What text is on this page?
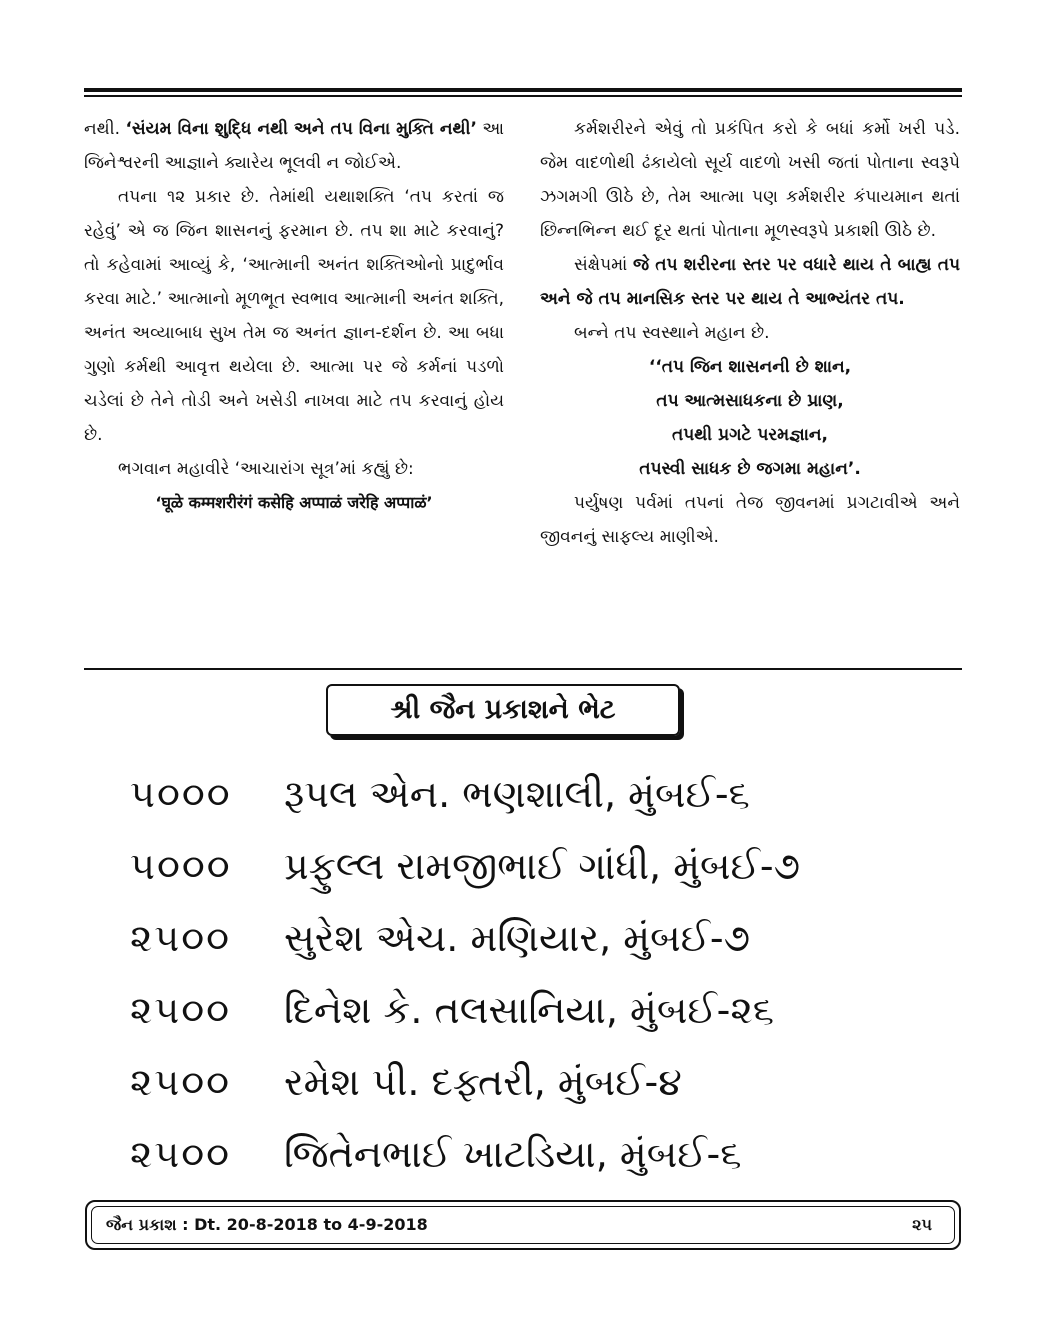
નથી. ‘સંયમ વિના શુદ્ધિ નથી અને તપ વિના મુક્તિ નથી’ આ જિનેશ્વરની આજ્ઞાને ક્યારેય ભૂલવી ન જોઈએ.

તપના ૧૨ પ્રકાર છે. તેમાંથી યથાશક્તિ ‘તપ કરતાં જ રહેવું’ એ જ જિન શાસનનું ફરમાન છે. તપ શા માટે કરવાનું? તો કહેવામાં આવ્યું કે, ‘આત્માની અનંત શક્તિઓનો પ્રાદુર્ભાવ કરવા માટે.’ આત્માનો મૂળભૂત સ્વભાવ આત્માની અનંત શક્તિ, અનંત અવ્યાબાધ સુખ તેમ જ અનંત જ્ઞાન-દર્શન છે. આ બધા ગુણો કર્મથી આવૃત્ત થયેલા છે. આત્મા પર જે કર્મનાં પડળો ચડેલાં છે તેને તોડી અને ખસેડી નાખવા માટે તપ કરવાનું હોય છે.

ભગવાન મહાવીરે ‘આચારાંગ સૂત્ર’માં કહ્યું છે:

‘घूळे कम्मशरीरंगं कसेहि अप्पाळं जरेहि अप्पाळं’

કર્મશરીરને એવું તો પ્રકંપિત કરો કે બધાં કર્મો ખરી પડે. જેમ વાદળોથી ઢંકાયેલો સૂર્ય વાદળો ખસી જતાં પોતાના સ્વરૂપે ઝગમગી ઊઠે છે, તેમ આત્મા પણ કર્મશરીર કંપાયમાન થતાં છિન્નભિન્ન થઈ દૂર થતાં પોતાના મૂળસ્વરૂપે પ્રકાશી ઊઠે છે.

સંક્ષેપમાં જે તપ શરીરના સ્તર પર વધારે થાય તે બાહ્ય તપ અને જે તપ માનસિક સ્તર પર થાય તે આભ્યંતર તપ.

બન્ને તપ સ્વસ્થાને મહાન છે.

‘‘તપ જિન શાસનની છે શાન,

તપ આત્મસાધકના છે પ્રાણ,

તપથી પ્રગટે પરમજ્ઞાન,

તપસ્વી સાધક છે જગમા મહાન’.

પર્યુષણ પર્વમાં તપનાં તેજ જીવનમાં પ્રગટાવીએ અને જીવનનું સાફલ્ય માણીએ.

શ્રી જૈન પ્રકાશને ભેટ
૫૦૦૦	રૂપલ એન. ભણશાલી, મુંબઈ-૬
૫૦૦૦	પ્રફુલ્લ રામજીભાઈ ગાંધી, મુંબઈ-૭
૨૫૦૦	સુરેશ એચ. મણિયાર, મુંબઈ-૭
૨૫૦૦	દિનેશ કે. તલસાનિયા, મુંબઈ-૨૬
૨૫૦૦	રમેશ પી. દફ્તરી, મુંબઈ-૪
૨૫૦૦	જિતેનભાઈ ખાટડિયા, મુંબઈ-૬
જૈન પ્રકાશ : Dt. 20-8-2018 to 4-9-2018	૨૫
